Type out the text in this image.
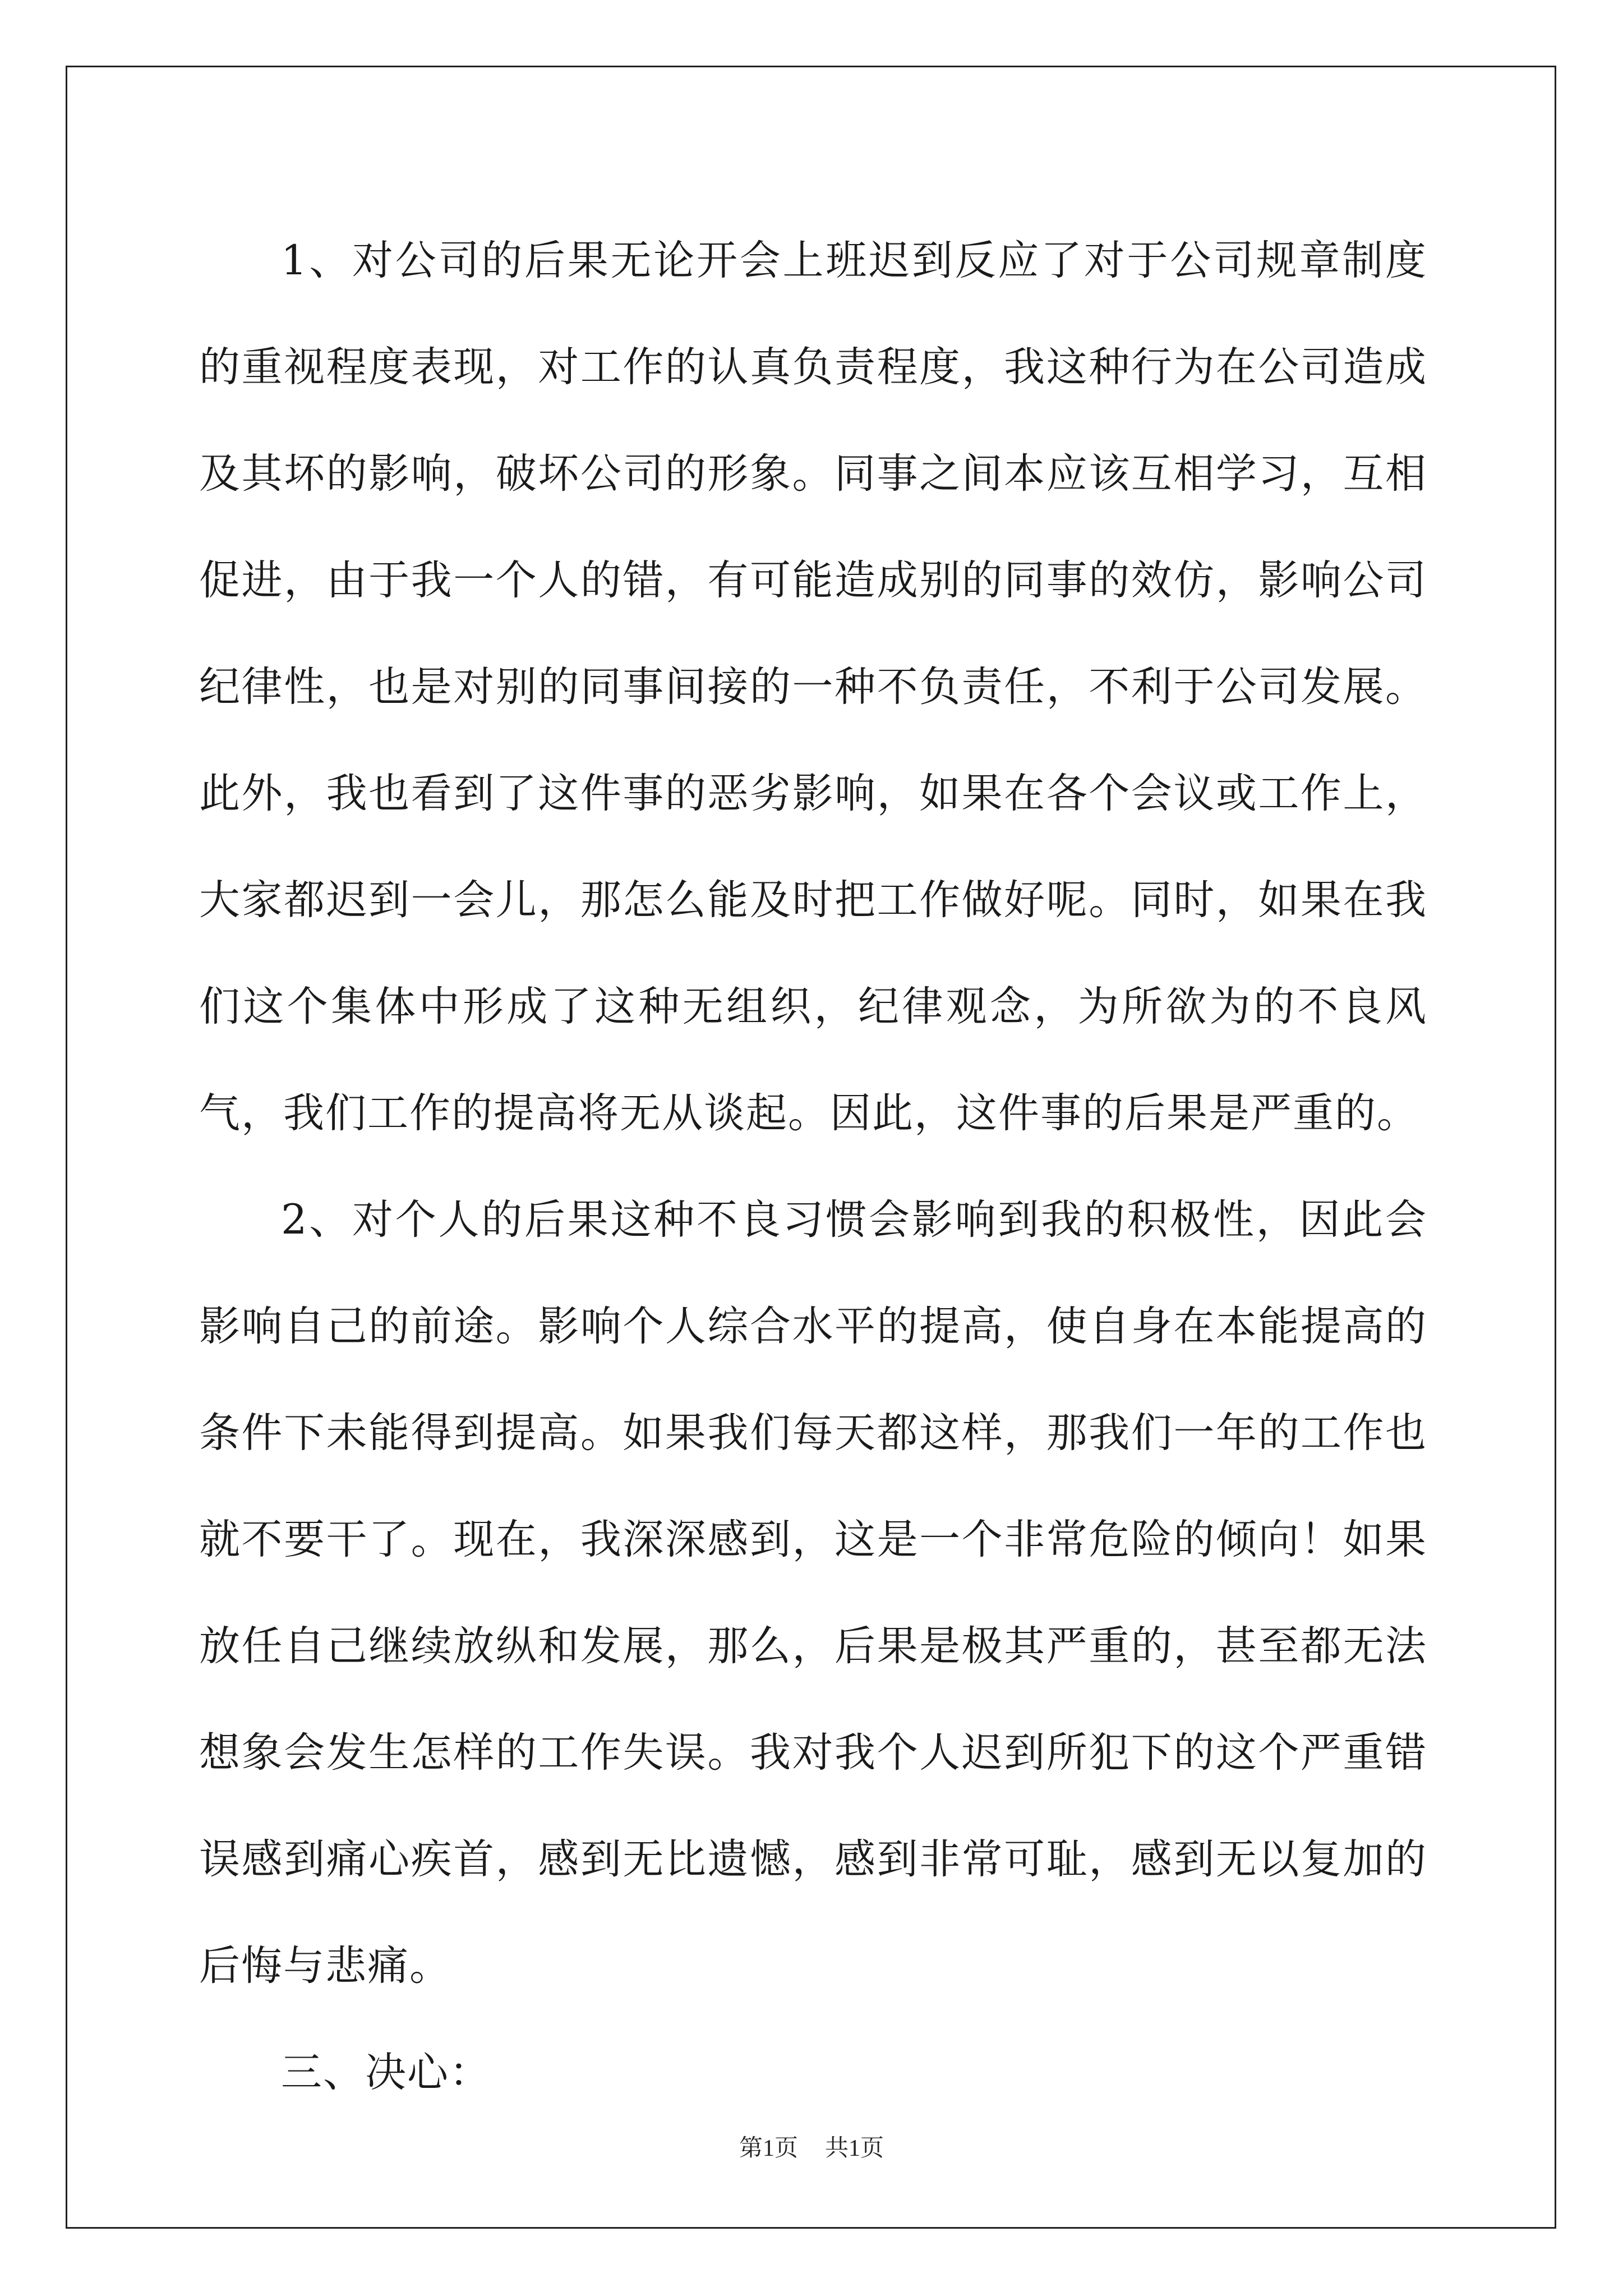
1、对公司的后果无论开会上班迟到反应了对于公司规章制度的重视程度表现，对工作的认真负责程度，我这种行为在公司造成及其坏的影响，破坏公司的形象。同事之间本应该互相学习，互相促进，由于我一个人的错，有可能造成别的同事的效仿，影响公司纪律性，也是对别的同事间接的一种不负责任，不利于公司发展。此外，我也看到了这件事的恶劣影响，如果在各个会议或工作上，大家都迟到一会儿，那怎么能及时把工作做好呢。同时，如果在我们这个集体中形成了这种无组织，纪律观念，为所欲为的不良风气，我们工作的提高将无从谈起。因此，这件事的后果是严重的。

2、对个人的后果这种不良习惯会影响到我的积极性，因此会影响自己的前途。影响个人综合水平的提高，使自身在本能提高的条件下未能得到提高。如果我们每天都这样，那我们一年的工作也就不要干了。现在，我深深感到，这是一个非常危险的倾向！如果放任自己继续放纵和发展，那么，后果是极其严重的，甚至都无法想象会发生怎样的工作失误。我对我个人迟到所犯下的这个严重错误感到痛心疾首，感到无比遗憾，感到非常可耻，感到无以复加的后悔与悲痛。

三、决心：

第1页 共1页
